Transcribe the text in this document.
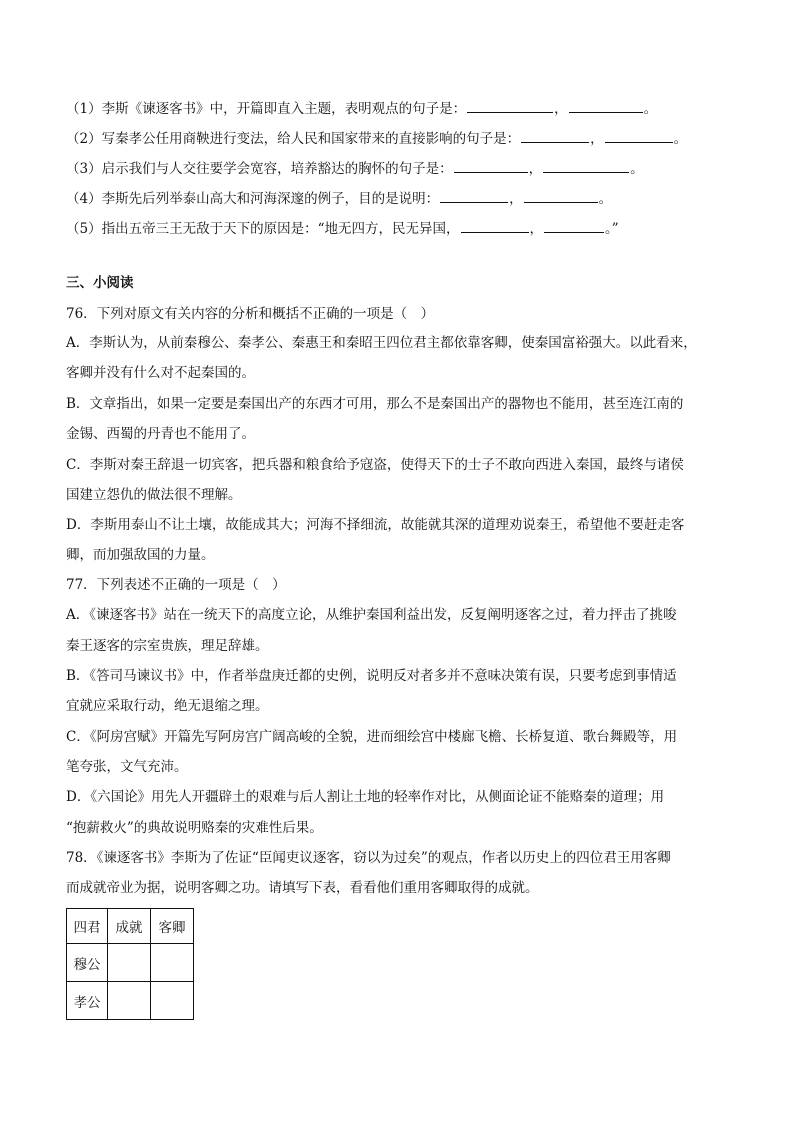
（1）李斯《谏逐客书》中，开篇即直入主题，表明观点的句子是：	，	。
（2）写秦孝公任用商鞅进行变法，给人民和国家带来的直接影响的句子是：	，	。
（3）启示我们与人交往要学会宽容，培养豁达的胸怀的句子是：	，	。
（4）李斯先后列举泰山高大和河海深邃的例子，目的是说明：	，	。
（5）指出五帝三王无敌于天下的原因是：“地无四方，民无异国，	，	。”
三、小阅读
76．下列对原文有关内容的分析和概括不正确的一项是（　）
A．李斯认为，从前秦穆公、秦孝公、秦惠王和秦昭王四位君主都依靠客卿，使秦国富裕强大。以此看来，
客卿并没有什么对不起秦国的。
B．文章指出，如果一定要是秦国出产的东西才可用，那么不是秦国出产的器物也不能用，甚至连江南的
金锡、西蜀的丹青也不能用了。
C．李斯对秦王辞退一切宾客，把兵器和粮食给予寇盗，使得天下的士子不敢向西进入秦国，最终与诸侯
国建立怨仇的做法很不理解。
D．李斯用泰山不让土壤，故能成其大；河海不择细流，故能就其深的道理劝说秦王，希望他不要赶走客
卿，而加强敌国的力量。
77．下列表述不正确的一项是（　）
A．《谏逐客书》站在一统天下的高度立论，从维护秦国利益出发，反复阐明逐客之过，着力抨击了挑唆
秦王逐客的宗室贵族，理足辞雄。
B．《答司马谏议书》中，作者举盘庚迁都的史例，说明反对者多并不意味决策有误，只要考虑到事情适
宜就应采取行动，绝无退缩之理。
C．《阿房宫赋》开篇先写阿房宫广阔高峻的全貌，进而细绘宫中楼廊飞檐、长桥复道、歌台舞殿等，用
笔夸张，文气充沛。
D．《六国论》用先人开疆辟土的艰难与后人割让土地的轻率作对比，从侧面论证不能赂秦的道理；用
“抱薪救火”的典故说明赂秦的灾难性后果。
78．《谏逐客书》李斯为了佐证“臣闻吏议逐客，窃以为过矣”的观点，作者以历史上的四位君王用客卿
而成就帝业为据，说明客卿之功。请填写下表，看看他们重用客卿取得的成就。
四君	成就	客卿
穆公		
孝公		
